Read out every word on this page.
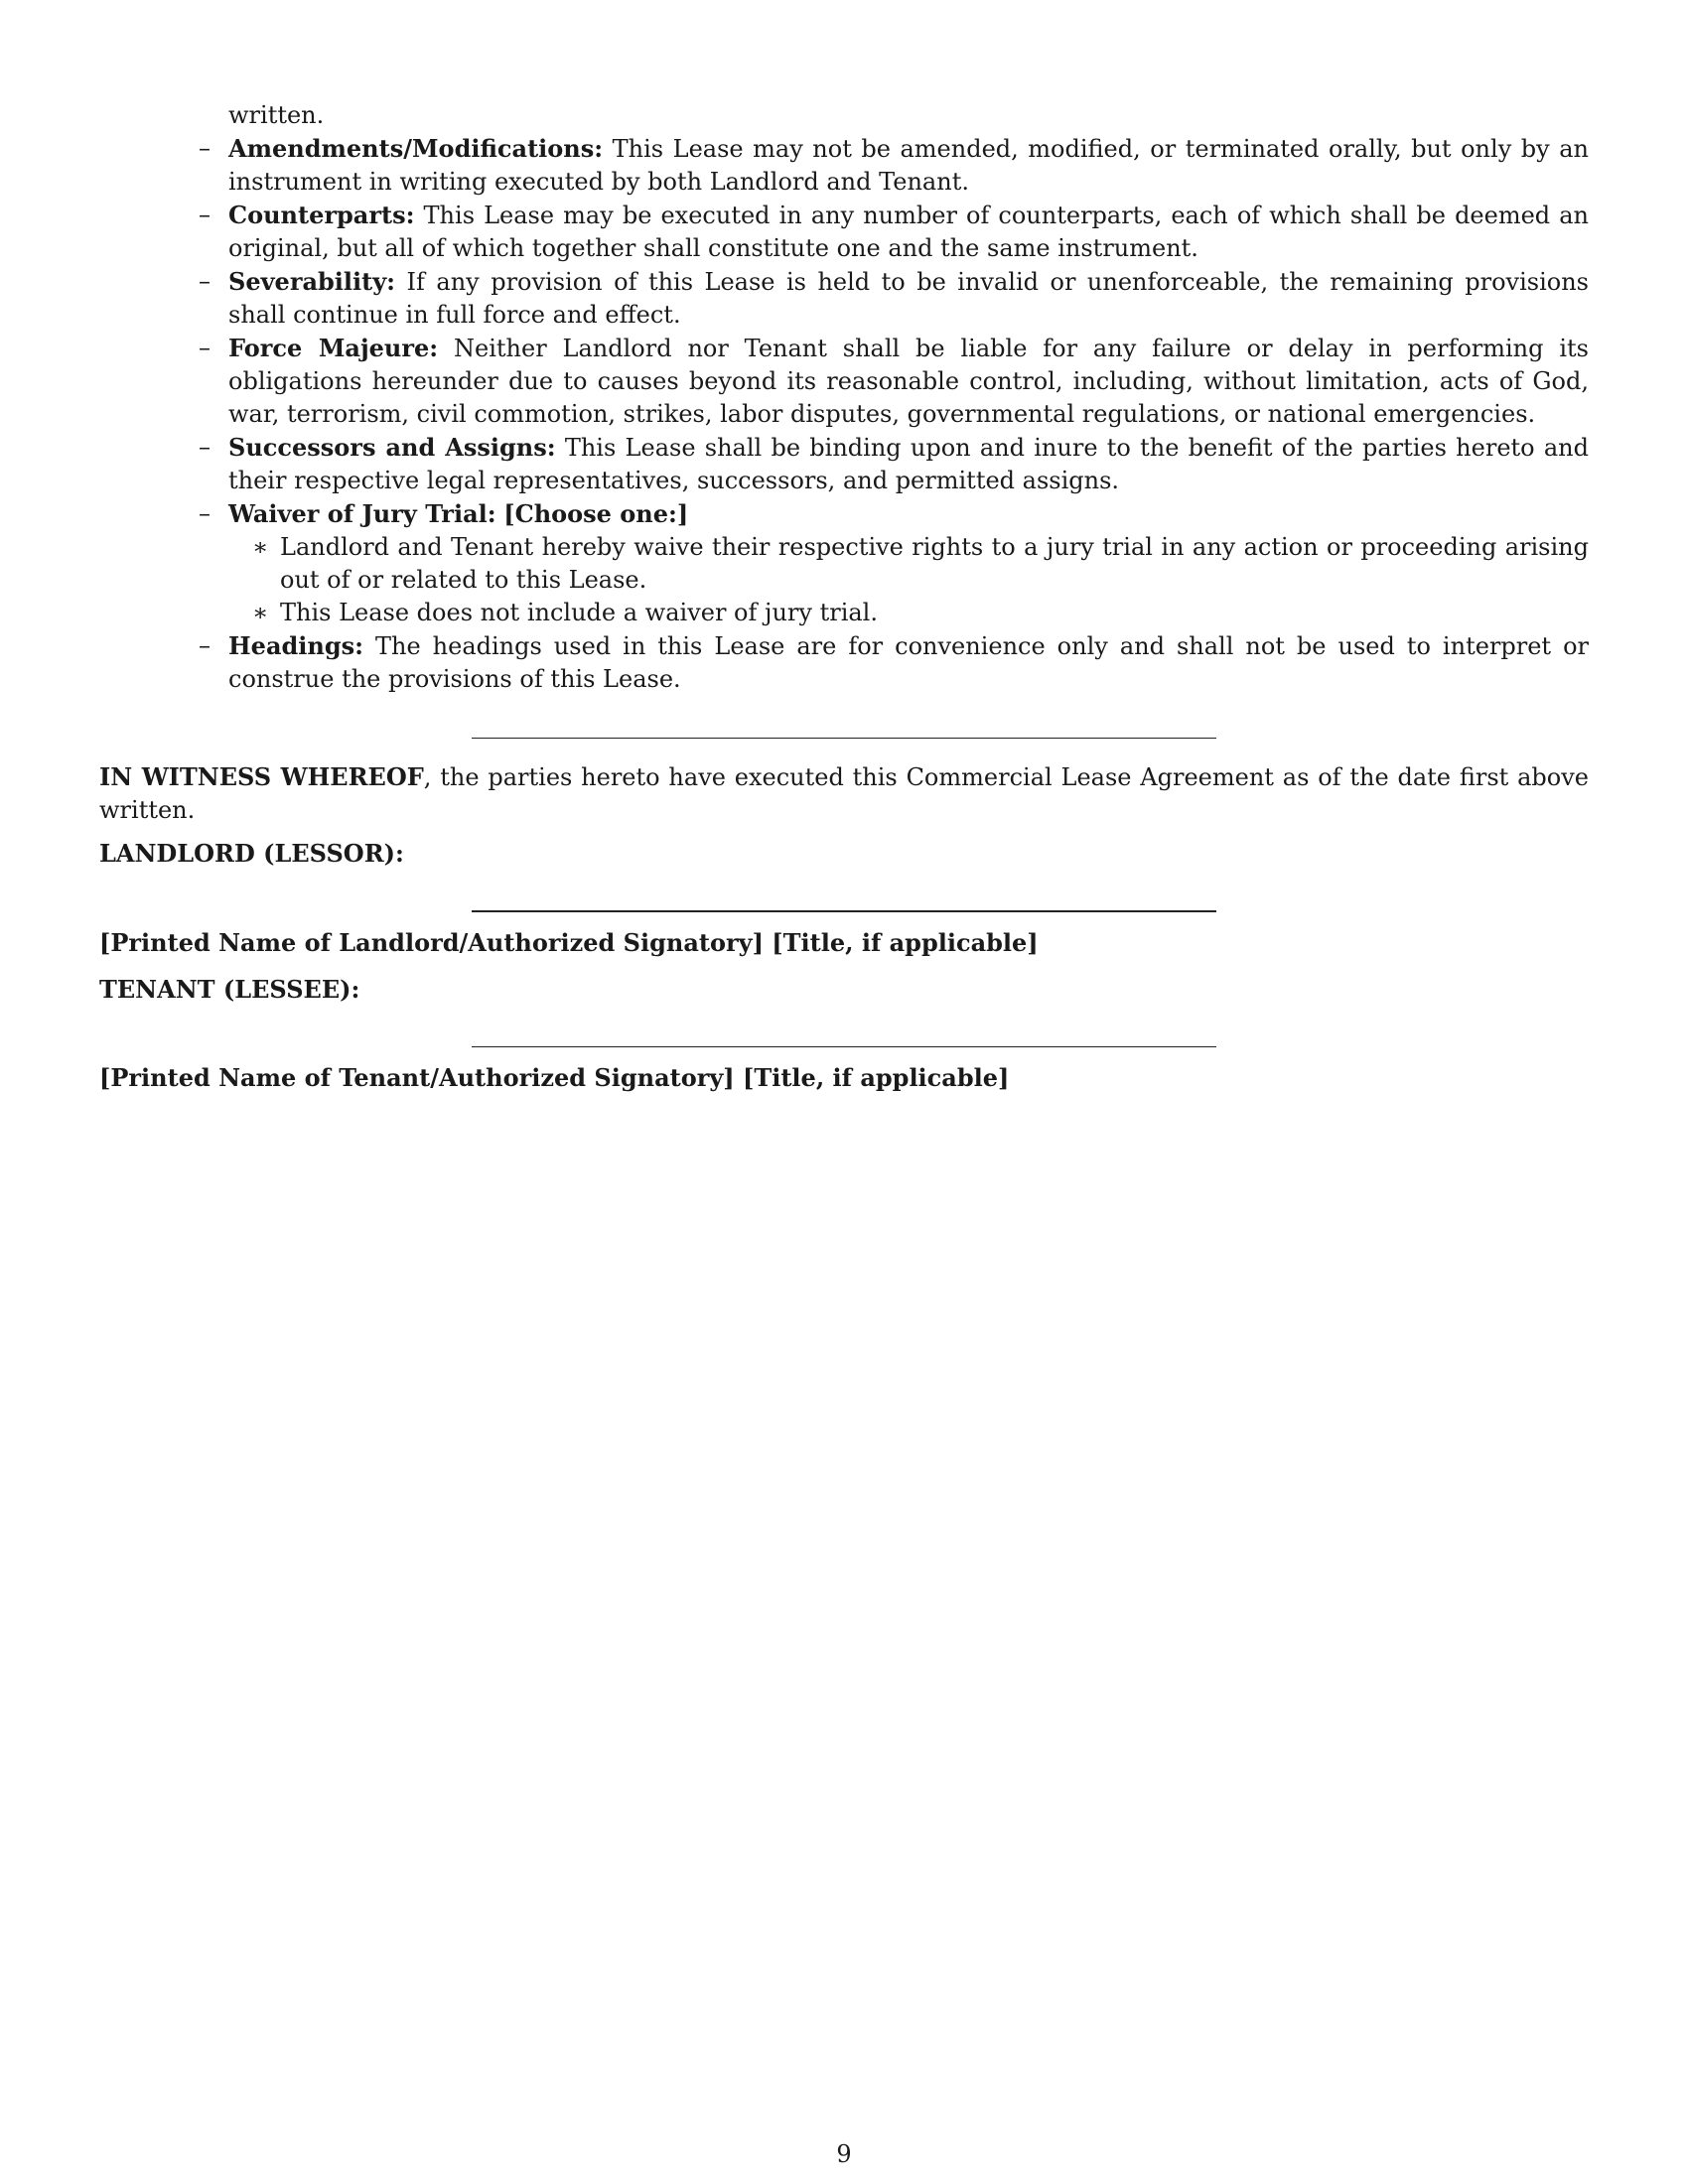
written.
– Amendments/Modifications: This Lease may not be amended, modified, or terminated orally, but only by an instrument in writing executed by both Landlord and Tenant.
– Counterparts: This Lease may be executed in any number of counterparts, each of which shall be deemed an original, but all of which together shall constitute one and the same instrument.
– Severability: If any provision of this Lease is held to be invalid or unenforceable, the remaining provisions shall continue in full force and effect.
– Force Majeure: Neither Landlord nor Tenant shall be liable for any failure or delay in performing its obligations hereunder due to causes beyond its reasonable control, including, without limitation, acts of God, war, terrorism, civil commotion, strikes, labor disputes, governmental regulations, or national emergencies.
– Successors and Assigns: This Lease shall be binding upon and inure to the benefit of the parties hereto and their respective legal representatives, successors, and permitted assigns.
– Waiver of Jury Trial: [Choose one:]
∗ Landlord and Tenant hereby waive their respective rights to a jury trial in any action or proceeding arising out of or related to this Lease.
∗ This Lease does not include a waiver of jury trial.
– Headings: The headings used in this Lease are for convenience only and shall not be used to interpret or construe the provisions of this Lease.
IN WITNESS WHEREOF, the parties hereto have executed this Commercial Lease Agreement as of the date first above written.
LANDLORD (LESSOR):
[Printed Name of Landlord/Authorized Signatory] [Title, if applicable]
TENANT (LESSEE):
[Printed Name of Tenant/Authorized Signatory] [Title, if applicable]
9
